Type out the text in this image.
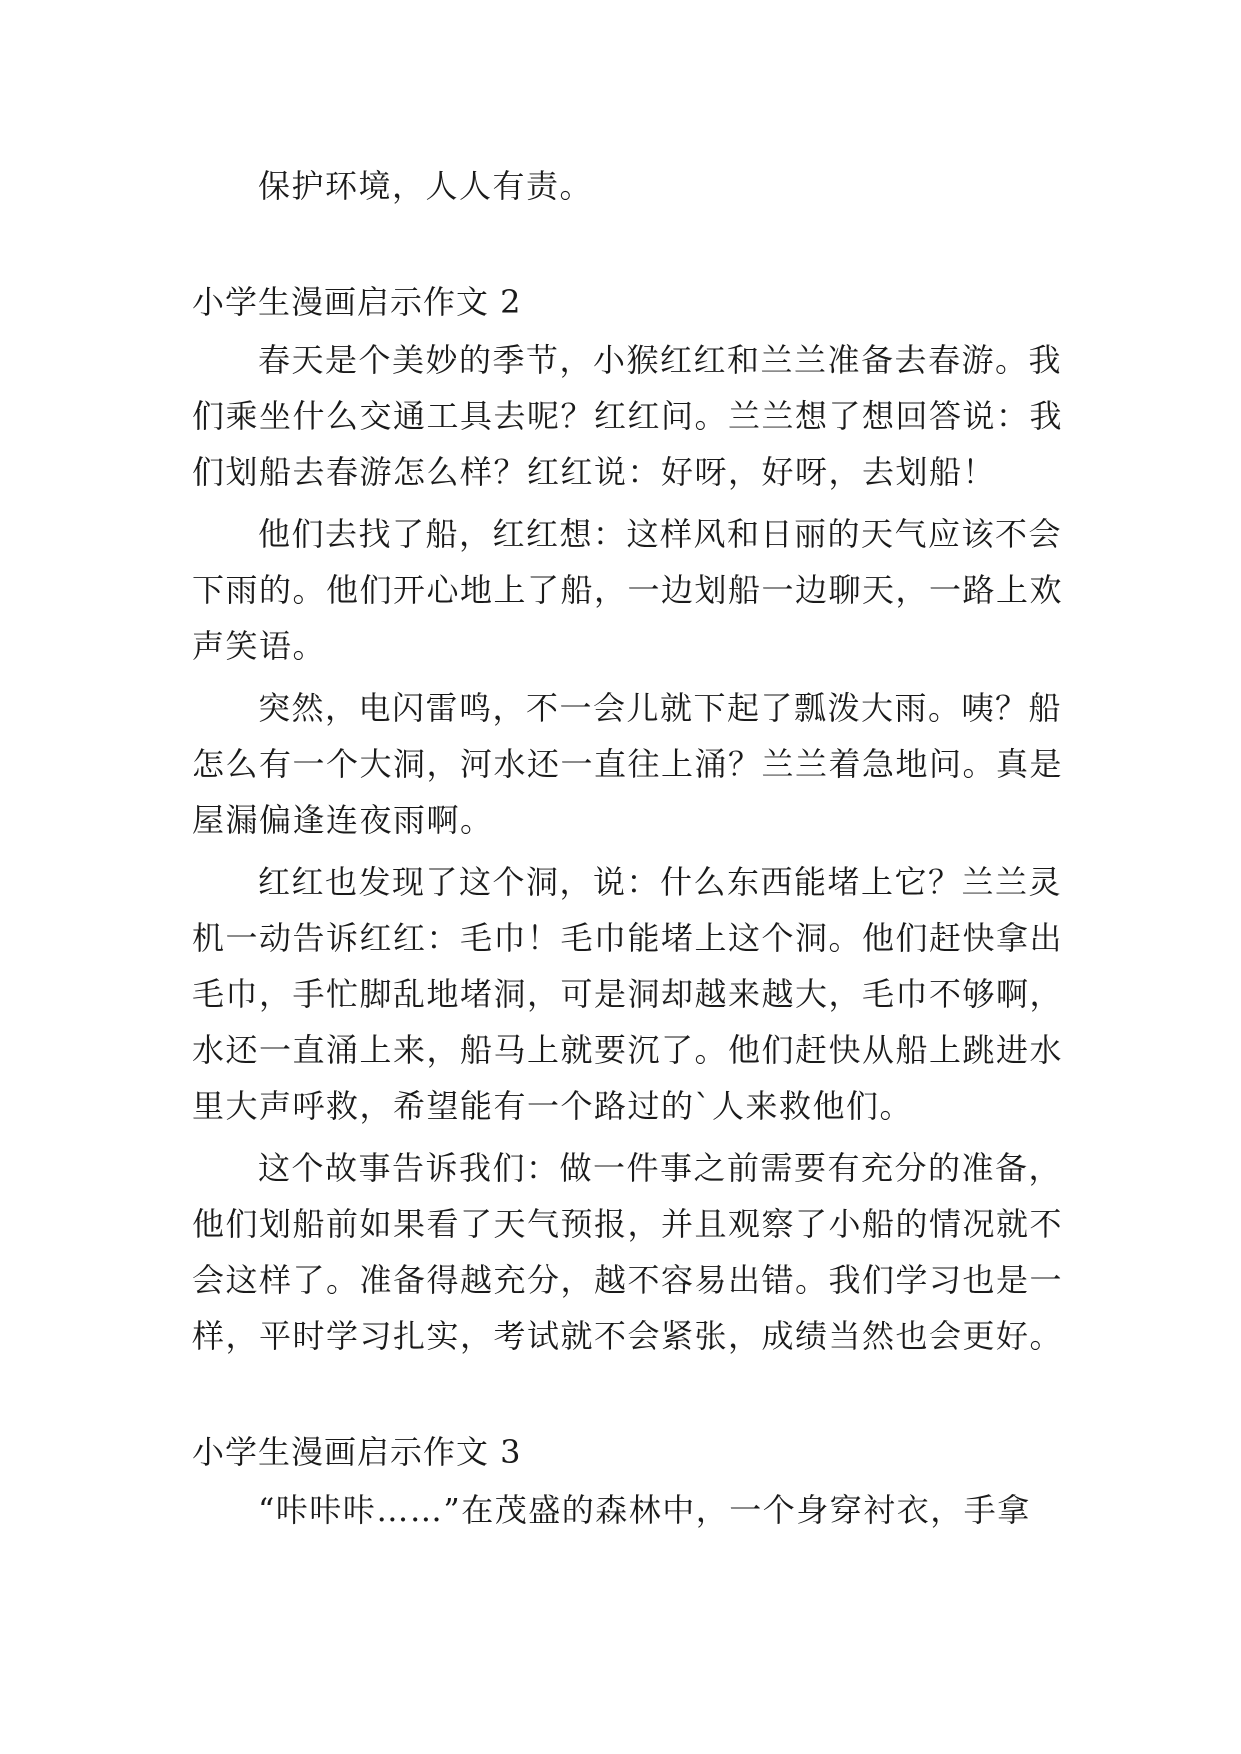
保护环境，人人有责。
小学生漫画启示作文 2
春天是个美妙的季节，小猴红红和兰兰准备去春游。我
们乘坐什么交通工具去呢？红红问。兰兰想了想回答说：我
们划船去春游怎么样？红红说：好呀，好呀，去划船！
他们去找了船，红红想：这样风和日丽的天气应该不会
下雨的。他们开心地上了船，一边划船一边聊天，一路上欢
声笑语。
突然，电闪雷鸣，不一会儿就下起了瓢泼大雨。咦？船
怎么有一个大洞，河水还一直往上涌？兰兰着急地问。真是
屋漏偏逢连夜雨啊。
红红也发现了这个洞，说：什么东西能堵上它？兰兰灵
机一动告诉红红：毛巾！毛巾能堵上这个洞。他们赶快拿出
毛巾，手忙脚乱地堵洞，可是洞却越来越大，毛巾不够啊，
水还一直涌上来，船马上就要沉了。他们赶快从船上跳进水
里大声呼救，希望能有一个路过的`人来救他们。
这个故事告诉我们：做一件事之前需要有充分的准备，
他们划船前如果看了天气预报，并且观察了小船的情况就不
会这样了。准备得越充分，越不容易出错。我们学习也是一
样，平时学习扎实，考试就不会紧张，成绩当然也会更好。
小学生漫画启示作文 3
“咔咔咔……”在茂盛的森林中，一个身穿衬衣，手拿
